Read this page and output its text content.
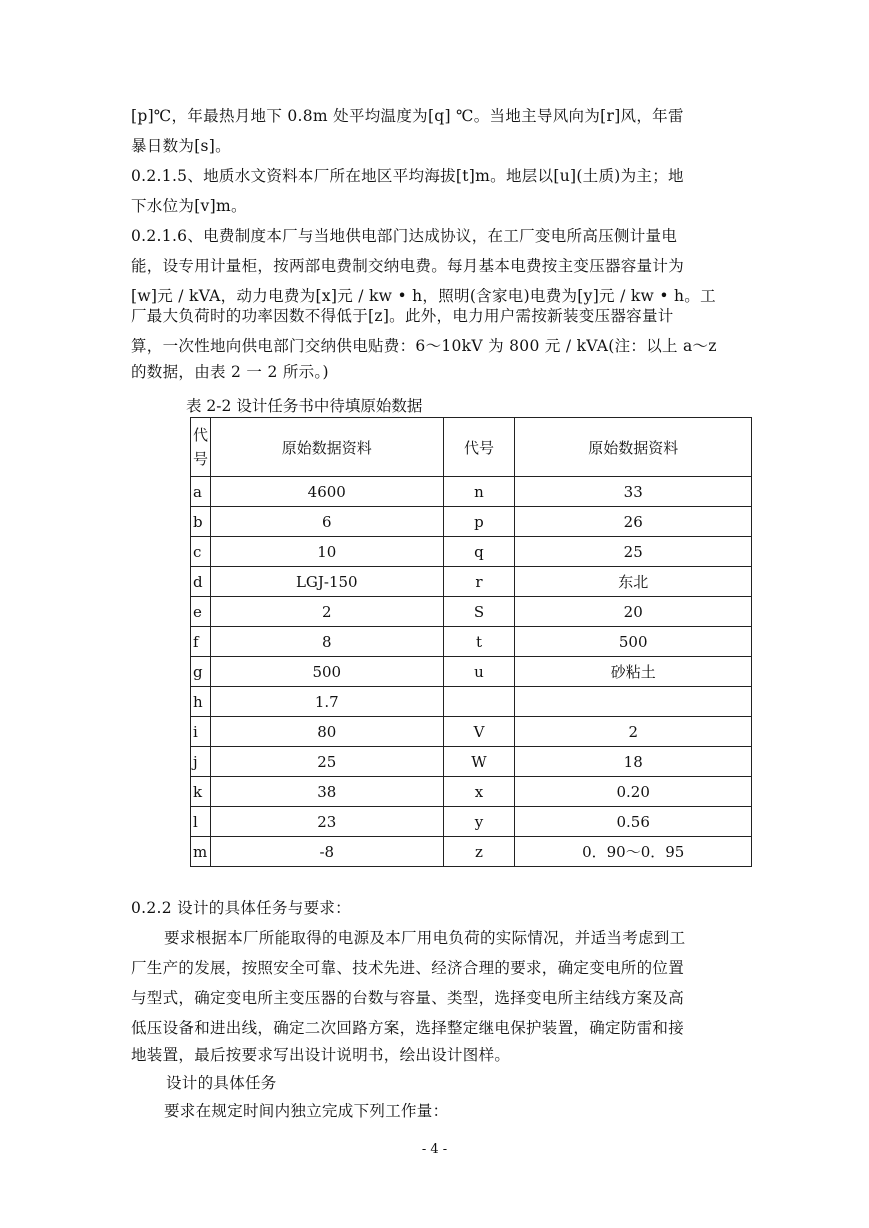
[p]℃，年最热月地下 0.8m 处平均温度为[q] ℃。当地主导风向为[r]风，年雷
暴日数为[s]。
0.2.1.5、地质水文资料本厂所在地区平均海拔[t]m。地层以[u](土质)为主；地
下水位为[v]m。
0.2.1.6、电费制度本厂与当地供电部门达成协议，在工厂变电所高压侧计量电
能，设专用计量柜，按两部电费制交纳电费。每月基本电费按主变压器容量计为
[w]元 / kVA，动力电费为[x]元 / kw • h，照明(含家电)电费为[y]元 / kw • h。工
厂最大负荷时的功率因数不得低于[z]。此外，电力用户需按新装变压器容量计
算，一次性地向供电部门交纳供电贴费：6～10kV 为 800 元 / kVA(注：以上 a～z
的数据，由表 2 一 2 所示。)
表 2-2 设计任务书中待填原始数据
代号	原始数据资料	代号	原始数据资料
a	4600	n	33
b	6	p	26
c	10	q	25
d	LGJ-150	r	东北
e	2	S	20
f	8	t	500
g	500	u	砂粘土
h	1.7		
i	80	V	2
j	25	W	18
k	38	x	0.20
l	23	y	0.56
m	-8	z	0．90～0．95
0.2.2 设计的具体任务与要求：
要求根据本厂所能取得的电源及本厂用电负荷的实际情况，并适当考虑到工
厂生产的发展，按照安全可靠、技术先进、经济合理的要求，确定变电所的位置
与型式，确定变电所主变压器的台数与容量、类型，选择变电所主结线方案及高
低压设备和进出线，确定二次回路方案，选择整定继电保护装置，确定防雷和接
地装置，最后按要求写出设计说明书，绘出设计图样。
设计的具体任务
要求在规定时间内独立完成下列工作量：
- 4 -
